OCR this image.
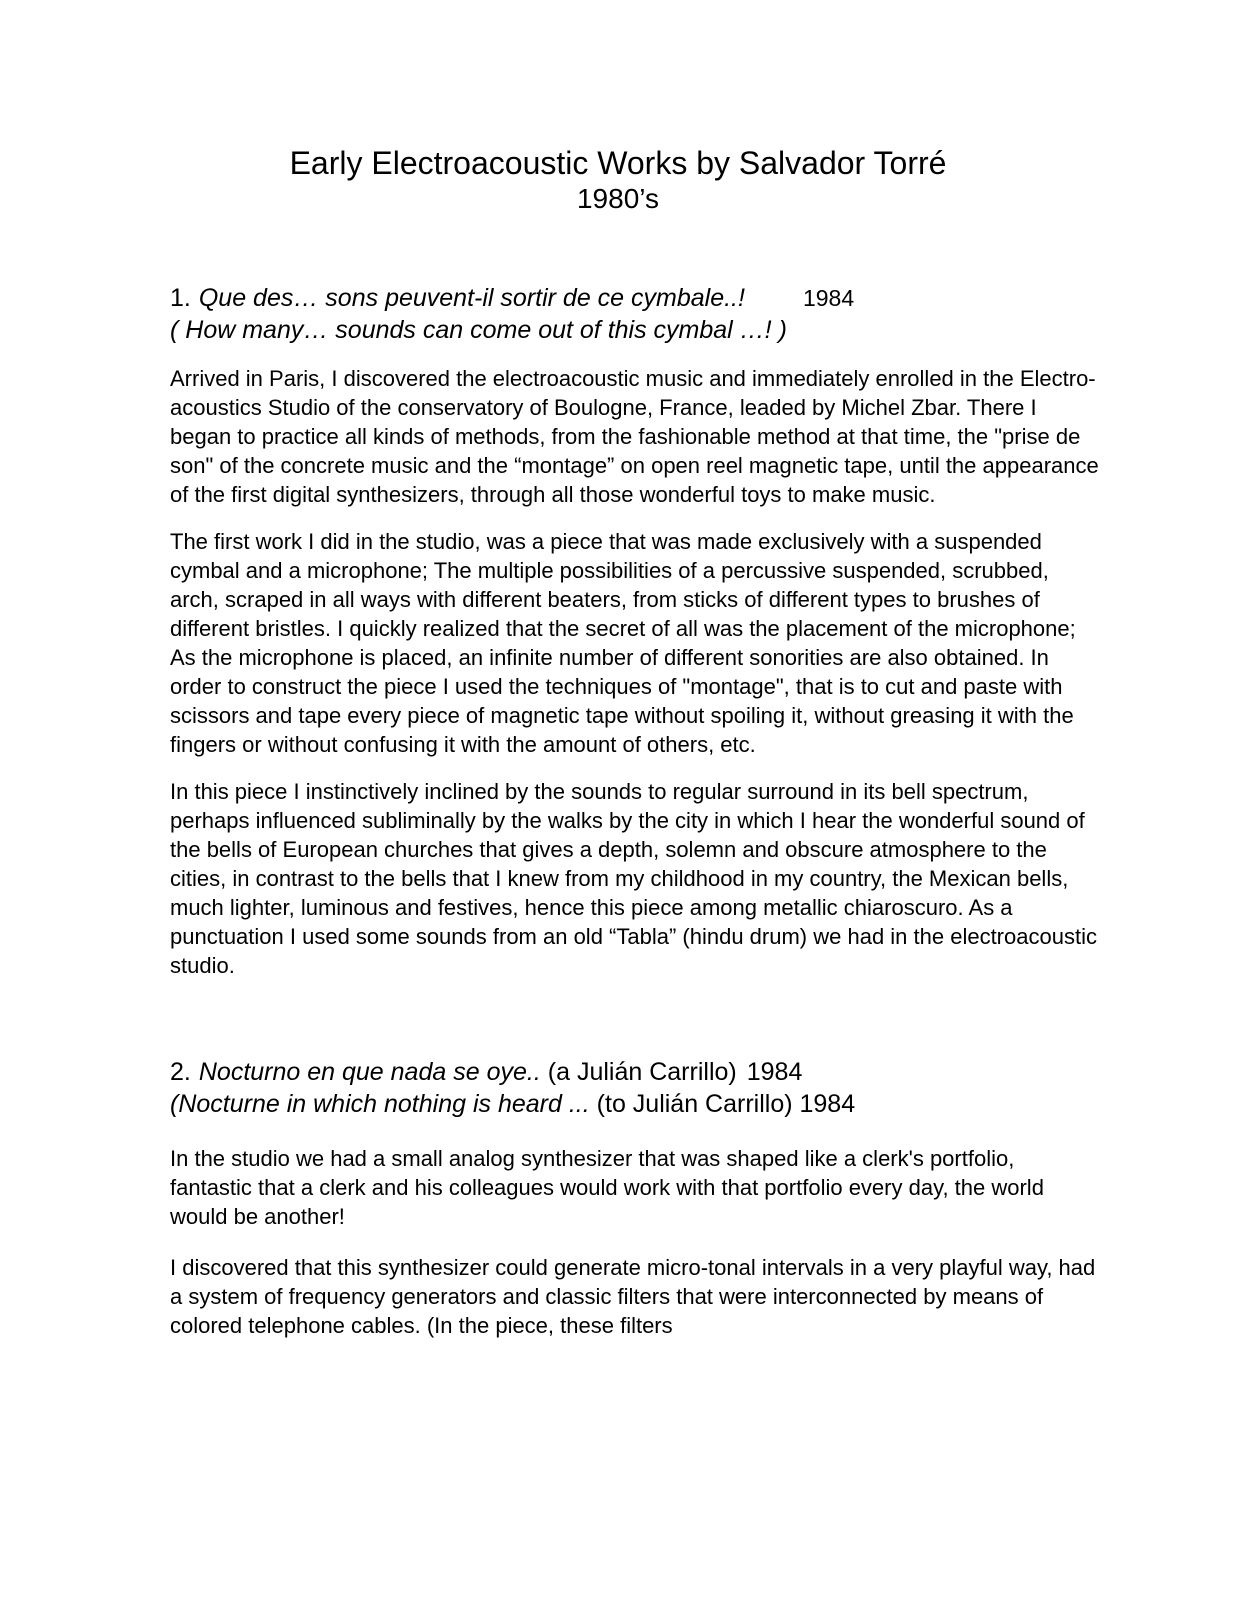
Early Electroacoustic Works by Salvador Torré
1980’s
1. Que des… sons peuvent-il sortir de ce cymbale..!	1984
( How many… sounds can come out of this cymbal …! )

Arrived in Paris, I discovered the electroacoustic music and immediately enrolled in the Electro-acoustics Studio of the conservatory of Boulogne, France, leaded by Michel Zbar. There I began to practice all kinds of methods, from the fashionable method at that time, the "prise de son" of the concrete music and the “montage” on open reel magnetic tape, until the appearance of the first digital synthesizers, through all those wonderful toys to make music.

The first work I did in the studio, was a piece that was made exclusively with a suspended cymbal and a microphone; The multiple possibilities of a percussive suspended, scrubbed, arch, scraped in all ways with different beaters, from sticks of different types to brushes of different bristles. I quickly realized that the secret of all was the placement of the microphone; As the microphone is placed, an infinite number of different sonorities are also obtained. In order to construct the piece I used the techniques of "montage", that is to cut and paste with scissors and tape every piece of magnetic tape without spoiling it, without greasing it with the fingers or without confusing it with the amount of others, etc.

In this piece I instinctively inclined by the sounds to regular surround in its bell spectrum, perhaps influenced subliminally by the walks by the city in which I hear the wonderful sound of the bells of European churches that gives a depth, solemn and obscure atmosphere to the cities, in contrast to the bells that I knew from my childhood in my country, the Mexican bells, much lighter, luminous and festives, hence this piece among metallic chiaroscuro. As a punctuation I used some sounds from an old “Tabla” (hindu drum) we had in the electroacoustic studio.

2. Nocturno en que nada se oye.. (a Julián Carrillo) 1984
(Nocturne in which nothing is heard ... (to Julián Carrillo) 1984

In the studio we had a small analog synthesizer that was shaped like a clerk's portfolio, fantastic that a clerk and his colleagues would work with that portfolio every day, the world would be another!

I discovered that this synthesizer could generate micro-tonal intervals in a very playful way, had a system of frequency generators and classic filters that were interconnected by means of colored telephone cables. (In the piece, these filters
